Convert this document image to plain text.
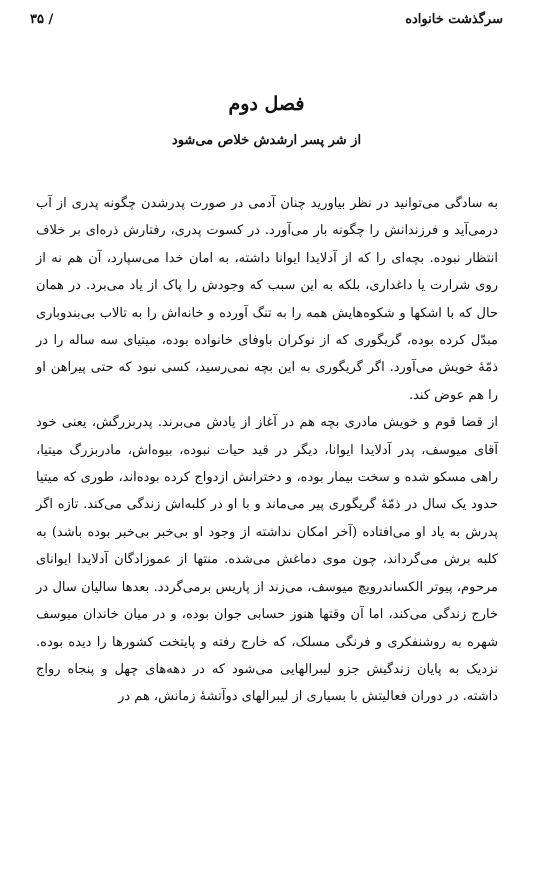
سرگذشت خانواده
/ ۳۵
فصل دوم
از شر پسر ارشدش خلاص می‌شود

به سادگی می‌توانید در نظر بیاورید چنان آدمی در صورت پدرشدن چگونه پدری از آب درمی‌آید و فرزندانش را چگونه بار می‌آورد. در کسوت پدری، رفتارش ذره‌ای بر خلاف انتظار نبوده. بچه‌ای را که از آدلایدا ایوانا داشته، به امان خدا می‌سپارد، آن هم نه از روی شرارت یا داغداری، بلکه به این سبب که وجودش را پاک از یاد می‌برد. در همان حال که با اشکها و شکوه‌هایش همه را به تنگ آورده و خانه‌اش را به تالاب بی‌بندوباری مبدّل کرده بوده، گریگوری که از نوکران باوفای خانواده بوده، میتیای سه ساله را در ذمّهٔ خویش می‌آورد. اگر گریگوری به این بچه نمی‌رسید، کسی نبود که حتی پیراهن او را هم عوض کند.

از قضا قوم و خویش مادری بچه هم در آغاز از یادش می‌برند. پدربزرگش، یعنی خود آقای میوسف، پدر آدلایدا ایوانا، دیگر در قید حیات نبوده، بیوه‌اش، مادربزرگ میتیا، راهی مسکو شده و سخت بیمار بوده، و دخترانش ازدواج کرده بوده‌اند، طوری که میتیا حدود یک سال در ذمّهٔ گریگوری پیر می‌ماند و با او در کلبه‌اش زندگی می‌کند. تازه اگر پدرش به یاد او می‌افتاده (آخر امکان نداشته از وجود او بی‌خبر بی‌خبر بوده باشد) به کلبه برش می‌گرداند، چون موی دماغش می‌شده. منتها از عموزادگان آدلایدا ایوانای مرحوم، پیوتر الکساندرویچ میوسف، می‌زند از پاریس برمی‌گردد. بعدها سالیان سال در خارج زندگی می‌کند، اما آن وقتها هنوز حسابی جوان بوده، و در میان خاندان میوسف شهره به روشنفکری و فرنگی مسلک، که خارج رفته و پایتخت کشورها را دیده بوده. نزدیک به پایان زندگیش جزو لیبرالهایی می‌شود که در دهه‌های چهل و پنجاه رواج داشته. در دوران فعالیتش با بسیاری از لیبرالهای دوآتشهٔ زمانش، هم در
